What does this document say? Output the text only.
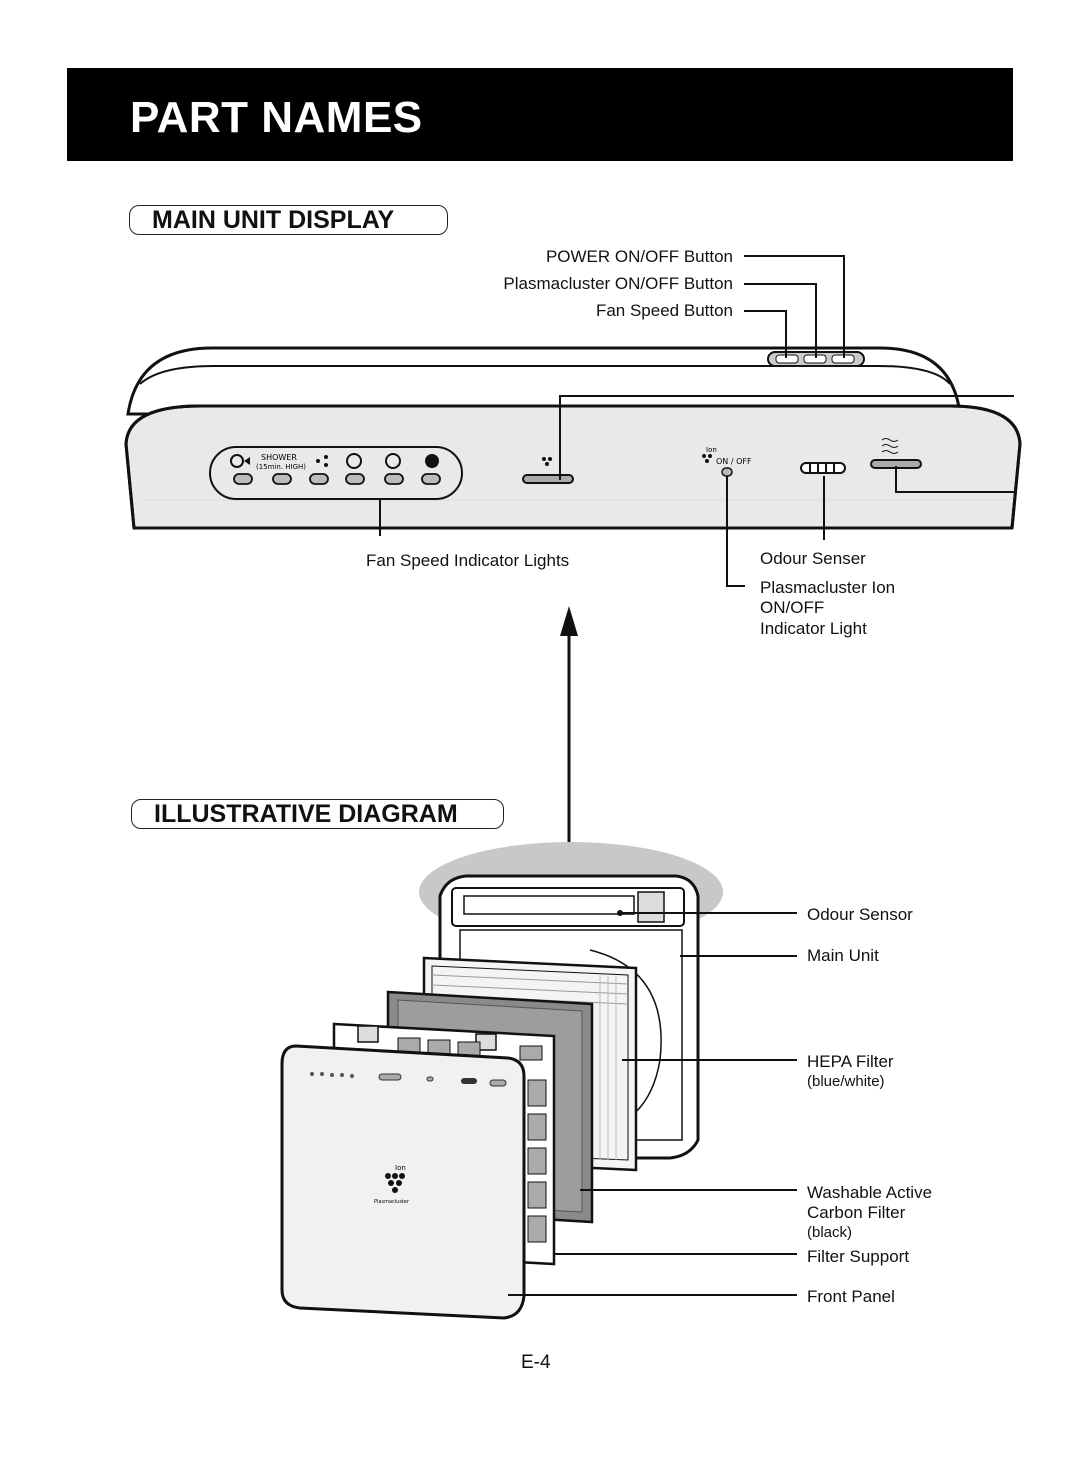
PART NAMES
MAIN UNIT DISPLAY
ILLUSTRATIVE DIAGRAM
SHOWER
(15min. HIGH)
Ion
ON / OFF
Ion
Plasmacluster
POWER ON/OFF Button
Plasmacluster ON/OFF Button
Fan Speed Button
Fan Speed Indicator Lights	Odour Senser
Plasmacluster Ion
ON/OFF
Indicator Light
Odour Sensor
Main Unit
HEPA Filter
(blue/white)
Washable Active
Carbon Filter
(black)
Filter Support
Front Panel
E-4
